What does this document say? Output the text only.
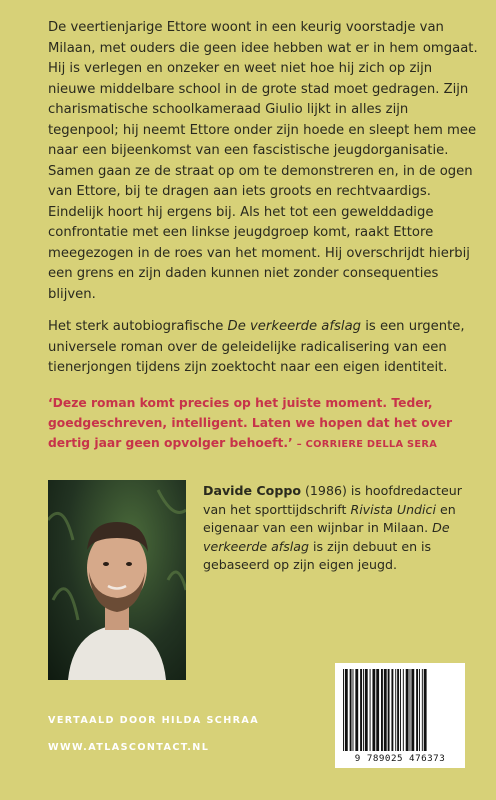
De veertienjarige Ettore woont in een keurig voorstadje van Milaan, met ouders die geen idee hebben wat er in hem omgaat. Hij is verlegen en onzeker en weet niet hoe hij zich op zijn nieuwe middelbare school in de grote stad moet gedragen. Zijn charismatische schoolkameraad Giulio lijkt in alles zijn tegenpool; hij neemt Ettore onder zijn hoede en sleept hem mee naar een bijeenkomst van een fascistische jeugdorganisatie. Samen gaan ze de straat op om te demonstreren en, in de ogen van Ettore, bij te dragen aan iets groots en rechtvaardigs. Eindelijk hoort hij ergens bij. Als het tot een gewelddadige confrontatie met een linkse jeugdgroep komt, raakt Ettore meegezogen in de roes van het moment. Hij overschrijdt hierbij een grens en zijn daden kunnen niet zonder consequenties blijven.

Het sterk autobiografische De verkeerde afslag is een urgente, universele roman over de geleidelijke radicalisering van een tienerjongen tijdens zijn zoektocht naar een eigen identiteit.

‘Deze roman komt precies op het juiste moment. Teder, goedgeschreven, intelligent. Laten we hopen dat het over dertig jaar geen opvolger behoeft.’ – CORRIERE DELLA SERA
Davide Coppo (1986) is hoofdredacteur van het sporttijdschrift Rivista Undici en eigenaar van een wijnbar in Milaan. De verkeerde afslag is zijn debuut en is gebaseerd op zijn eigen jeugd.
VERTAALD DOOR HILDA SCHRAA
WWW.ATLASCONTACT.NL
9 789025 476373
